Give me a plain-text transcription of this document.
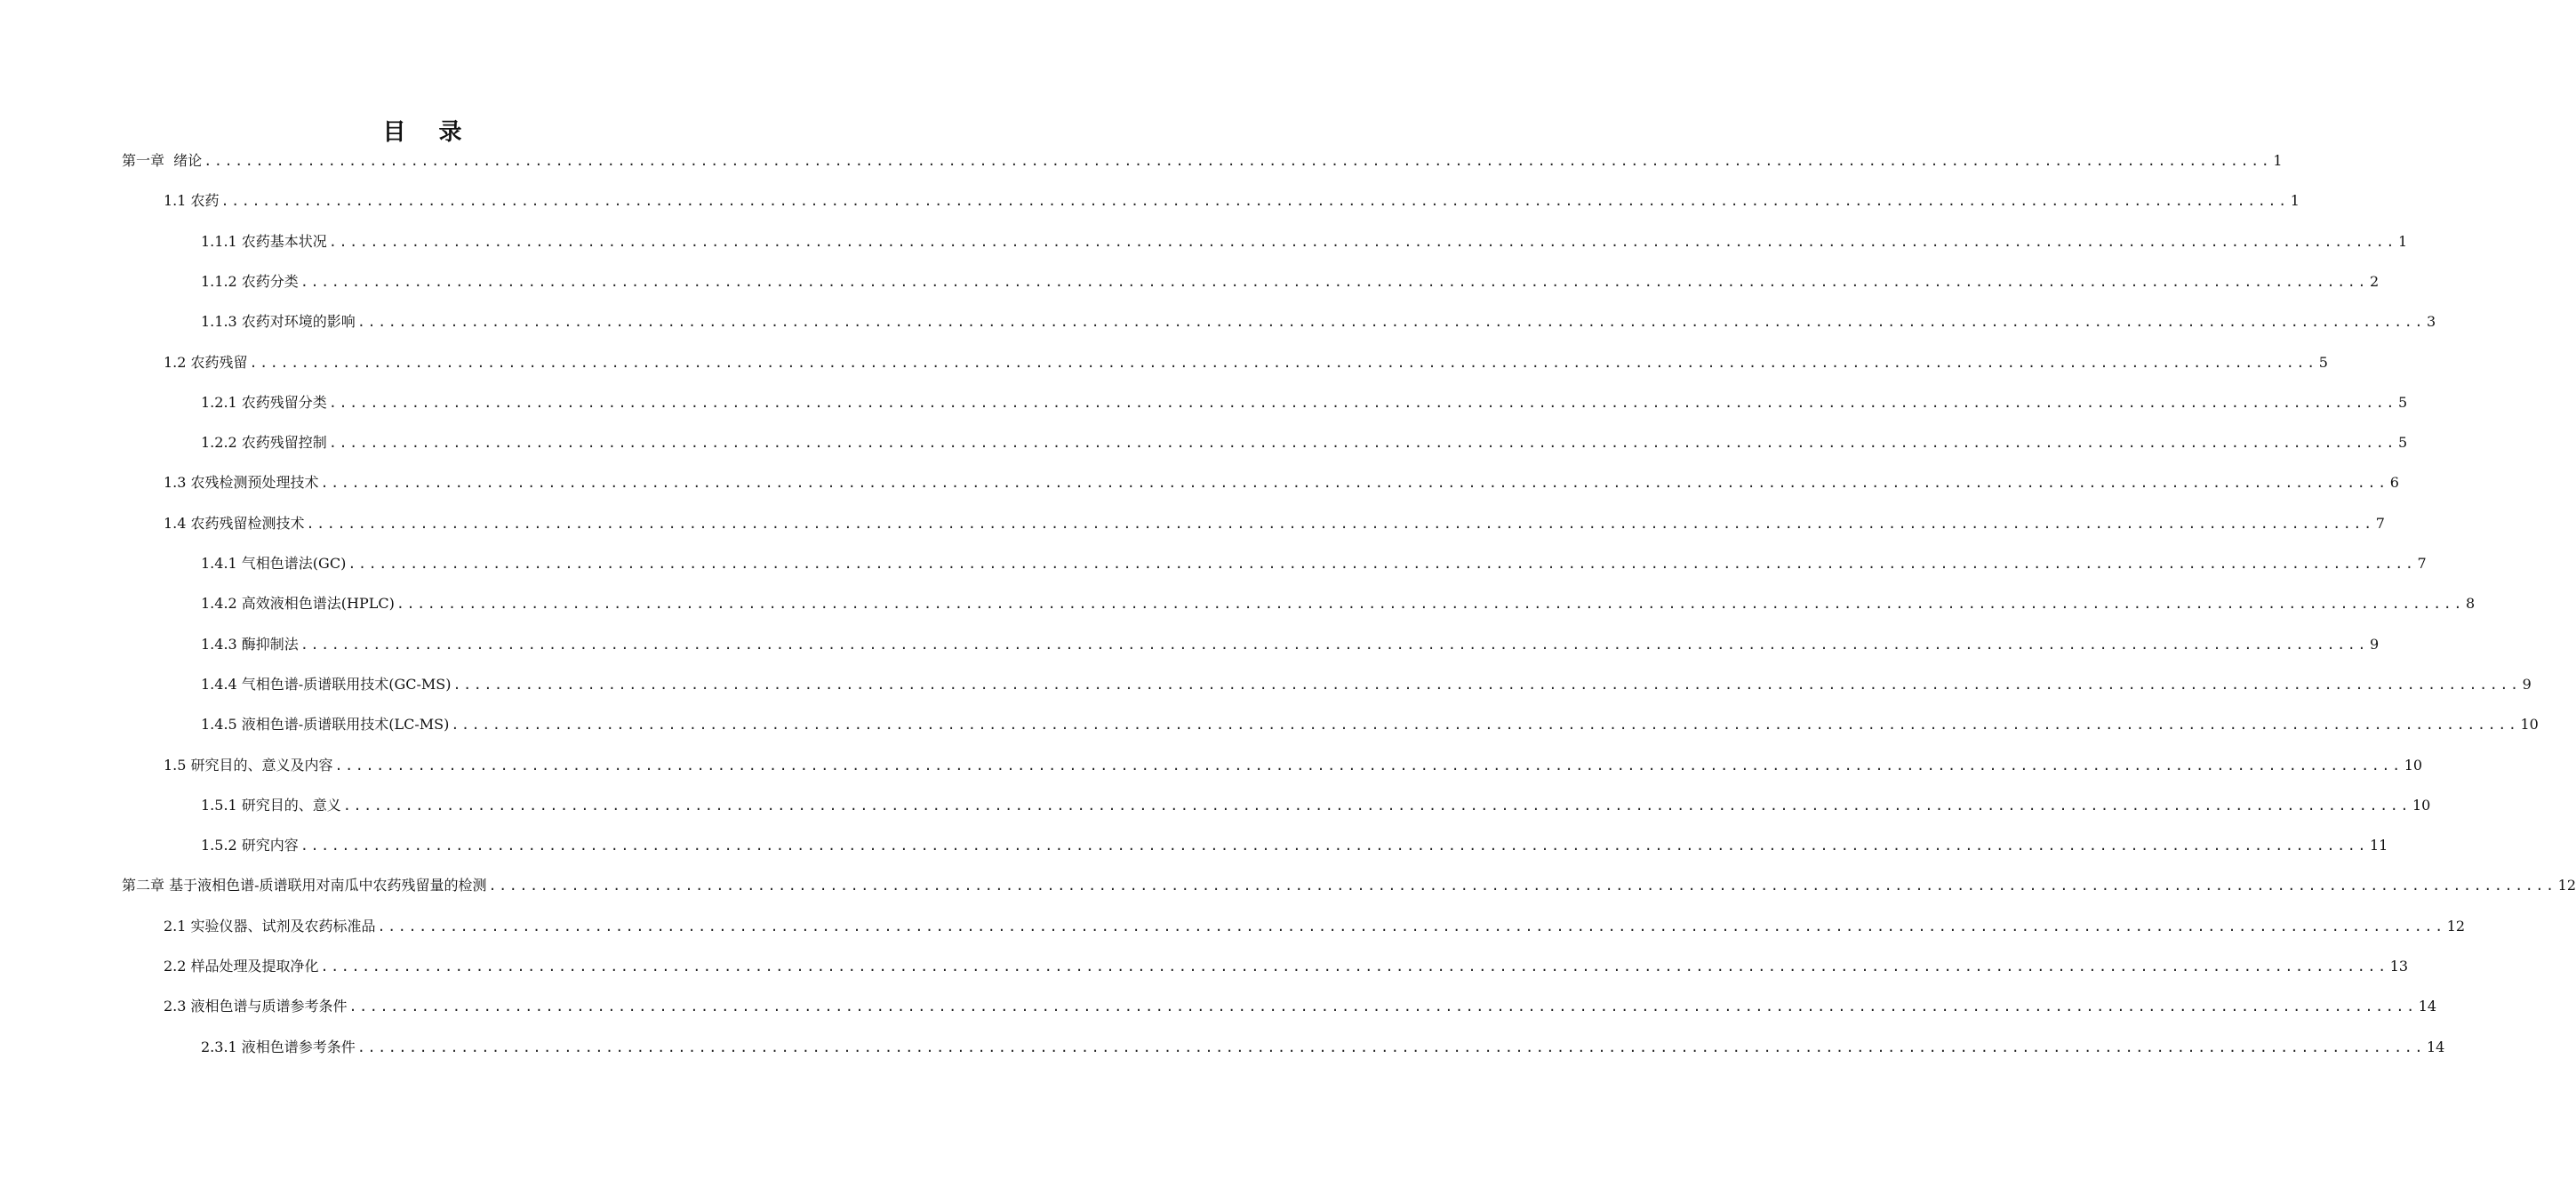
目 录
第一章  绪论 ........................................................................................................................................................................................................ 1
1.1 农药 ........................................................................................................................................................................................................ 1
1.1.1 农药基本状况 ........................................................................................................................................................................................................ 1
1.1.2 农药分类 ........................................................................................................................................................................................................ 2
1.1.3 农药对环境的影响 ........................................................................................................................................................................................................ 3
1.2 农药残留 ........................................................................................................................................................................................................ 5
1.2.1 农药残留分类 ........................................................................................................................................................................................................ 5
1.2.2 农药残留控制 ........................................................................................................................................................................................................ 5
1.3 农残检测预处理技术 ........................................................................................................................................................................................................ 6
1.4 农药残留检测技术 ........................................................................................................................................................................................................ 7
1.4.1 气相色谱法(GC) ........................................................................................................................................................................................................ 7
1.4.2 高效液相色谱法(HPLC) ........................................................................................................................................................................................................ 8
1.4.3 酶抑制法 ........................................................................................................................................................................................................ 9
1.4.4 气相色谱-质谱联用技术(GC-MS) ........................................................................................................................................................................................................ 9
1.4.5 液相色谱-质谱联用技术(LC-MS) ........................................................................................................................................................................................................ 10
1.5 研究目的、意义及内容 ........................................................................................................................................................................................................ 10
1.5.1 研究目的、意义 ........................................................................................................................................................................................................ 10
1.5.2 研究内容 ........................................................................................................................................................................................................ 11
第二章 基于液相色谱-质谱联用对南瓜中农药残留量的检测 ........................................................................................................................................................................................................ 12
2.1 实验仪器、试剂及农药标准品 ........................................................................................................................................................................................................ 12
2.2 样品处理及提取净化 ........................................................................................................................................................................................................ 13
2.3 液相色谱与质谱参考条件 ........................................................................................................................................................................................................ 14
2.3.1 液相色谱参考条件 ........................................................................................................................................................................................................ 14
